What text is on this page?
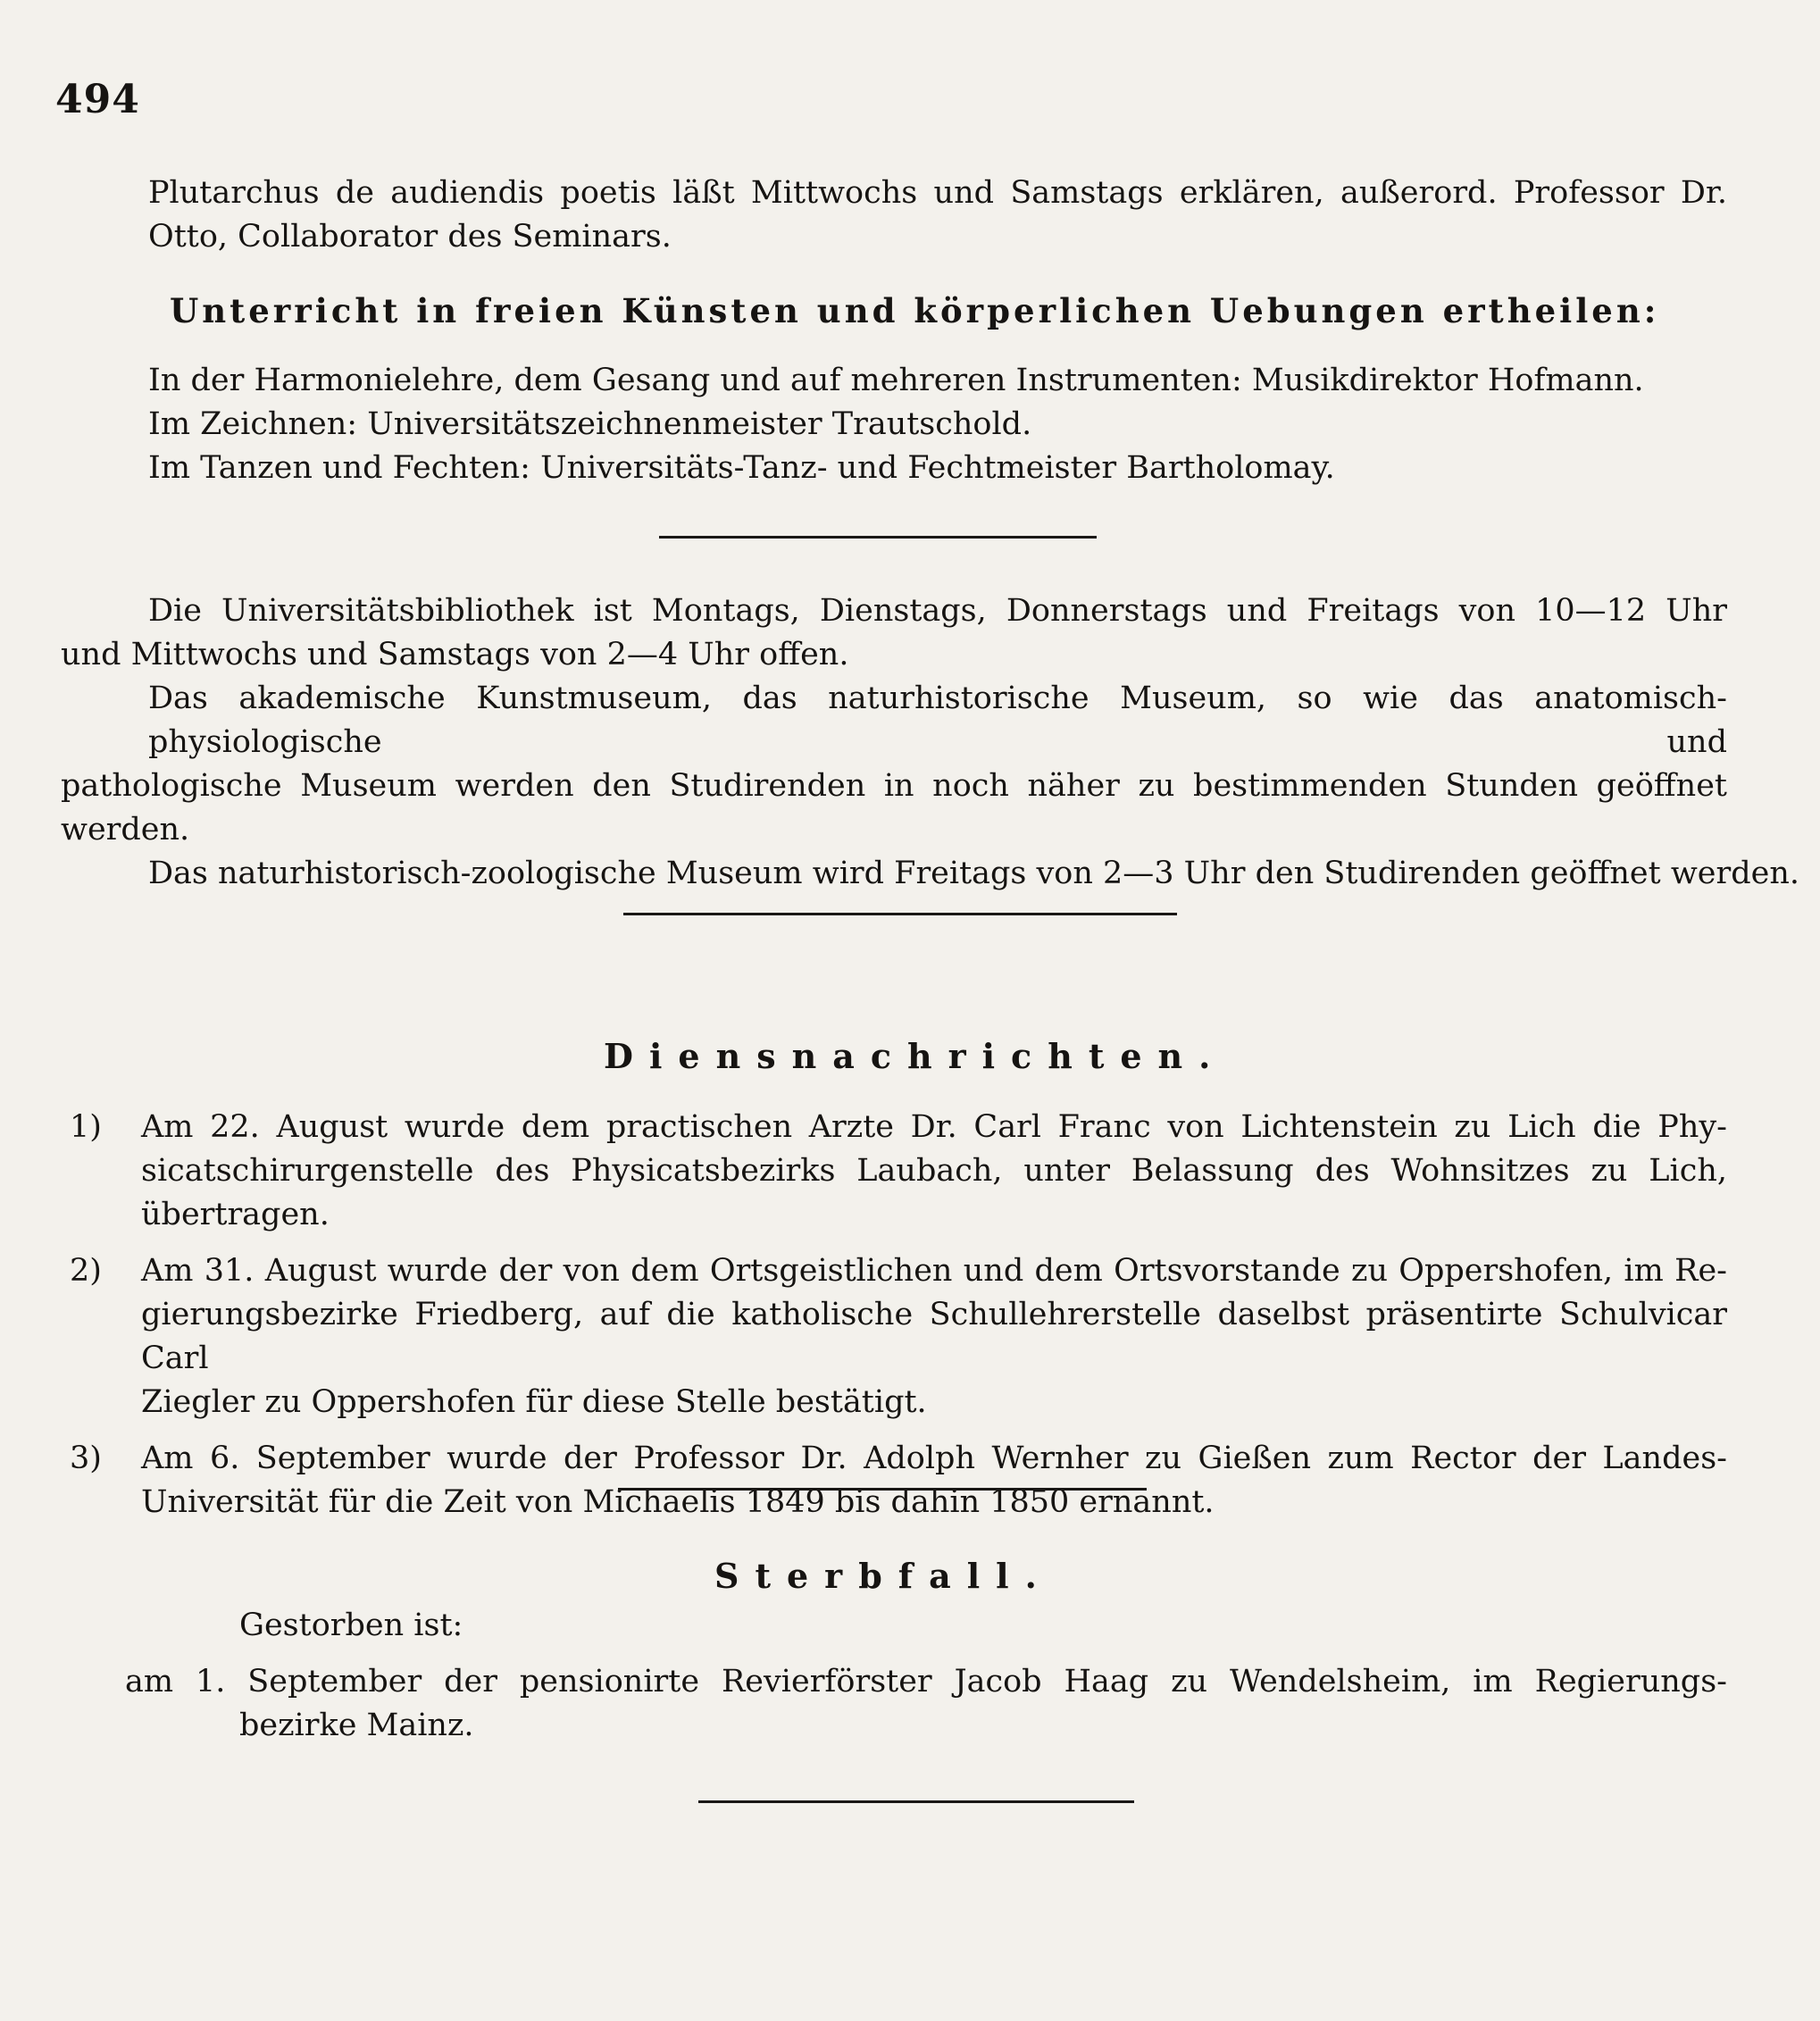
494
Plutarchus de audiendis poetis läßt Mittwochs und Samstags erklären, außerord. Professor Dr.
Otto, Collaborator des Seminars.
Unterricht in freien Künsten und körperlichen Uebungen ertheilen:
In der Harmonielehre, dem Gesang und auf mehreren Instrumenten: Musikdirektor Hofmann.
Im Zeichnen: Universitätszeichnenmeister Trautschold.
Im Tanzen und Fechten: Universitäts-Tanz- und Fechtmeister Bartholomay.
Die Universitätsbibliothek ist Montags, Dienstags, Donnerstags und Freitags von 10—12 Uhr
und Mittwochs und Samstags von 2—4 Uhr offen.
Das akademische Kunstmuseum, das naturhistorische Museum, so wie das anatomisch-physiologische und
pathologische Museum werden den Studirenden in noch näher zu bestimmenden Stunden geöffnet werden.
Das naturhistorisch-zoologische Museum wird Freitags von 2—3 Uhr den Studirenden geöffnet werden.
Diensnachrichten.
1) Am 22. August wurde dem practischen Arzte Dr. Carl Franc von Lichtenstein zu Lich die Phy-
sicatschirurgenstelle des Physicatsbezirks Laubach, unter Belassung des Wohnsitzes zu Lich, übertragen.
2) Am 31. August wurde der von dem Ortsgeistlichen und dem Ortsvorstande zu Oppershofen, im Re-
gierungsbezirke Friedberg, auf die katholische Schullehrerstelle daselbst präsentirte Schulvicar Carl
Ziegler zu Oppershofen für diese Stelle bestätigt.
3) Am 6. September wurde der Professor Dr. Adolph Wernher zu Gießen zum Rector der Landes-
Universität für die Zeit von Michaelis 1849 bis dahin 1850 ernannt.
Sterbfall.
Gestorben ist:
am 1. September der pensionirte Revierförster Jacob Haag zu Wendelsheim, im Regierungs-
bezirke Mainz.
